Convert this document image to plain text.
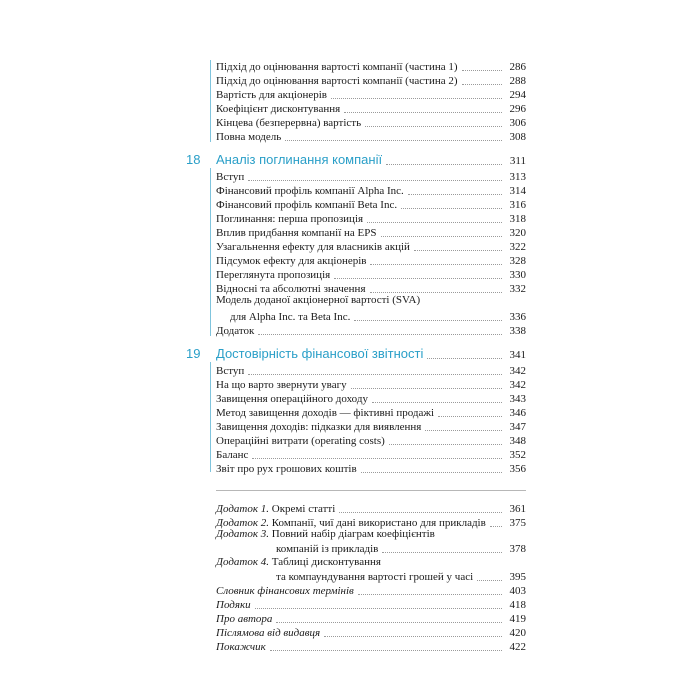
Підхід до оцінювання вартості компанії (частина 1)	286
Підхід до оцінювання вартості компанії (частина 2)	288
Вартість для акціонерів	294
Коефіцієнт дисконтування	296
Кінцева (безперервна) вартість	306
Повна модель	308
18	Аналіз поглинання компанії	311
Вступ	313
Фінансовий профіль компанії Alpha Inc.	314
Фінансовий профіль компанії Beta Inc.	316
Поглинання: перша пропозиція	318
Вплив придбання компанії на EPS	320
Узагальнення ефекту для власників акцій	322
Підсумок ефекту для акціонерів	328
Переглянута пропозиція	330
Відносні та абсолютні значення	332
Модель доданої акціонерної вартості (SVA)
для Alpha Inc. та Beta Inc.	336
Додаток	338
19	Достовірність фінансової звітності	341
Вступ	342
На що варто звернути увагу	342
Завищення операційного доходу	343
Метод завищення доходів — фіктивні продажі	346
Завищення доходів: підказки для виявлення	347
Операційні витрати (operating costs)	348
Баланс	352
Звіт про рух грошових коштів	356
Додаток 1. Окремі статті	361
Додаток 2. Компанії, чиї дані використано для прикладів 375
Додаток 3. Повний набір діаграм коефіцієнтів
компаній із прикладів	378
Додаток 4. Таблиці дисконтування
та компаундування вартості грошей у часі	395
Словник фінансових термінів	403
Подяки	418
Про автора	419
Післямова від видавця	420
Покажчик	422
